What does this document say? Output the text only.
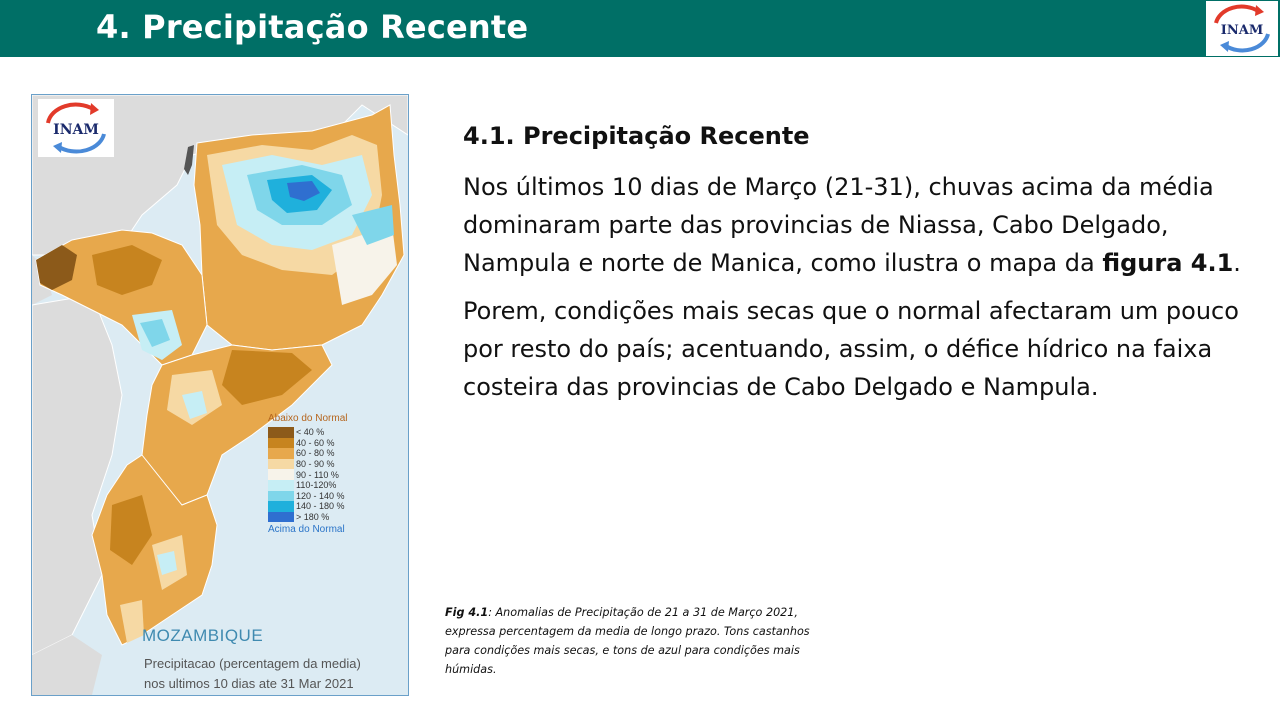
4. Precipitação Recente	INAM
INAM
Abaixo do Normal
< 40 %
40 - 60 %
60 - 80 %
80 - 90 %
90 - 110 %
110-120%
120 - 140 %
140 - 180 %
> 180 %
Acima do Normal
MOZAMBIQUE
Precipitacao (percentagem da media)
nos ultimos 10 dias ate 31 Mar 2021
4.1. Precipitação Recente

Nos últimos 10 dias de Março (21-31), chuvas acima da média dominaram parte das provincias de Niassa, Cabo Delgado, Nampula e norte de Manica, como ilustra o mapa da figura 4.1.

Porem, condições mais secas que o normal afectaram um pouco por resto do país; acentuando, assim, o défice hídrico na faixa costeira das provincias de Cabo Delgado e Nampula.

Fig 4.1: Anomalias de Precipitação de 21 a 31 de Março 2021, expressa percentagem da media de longo prazo. Tons castanhos para condições mais secas, e tons de azul para condições mais húmidas.
